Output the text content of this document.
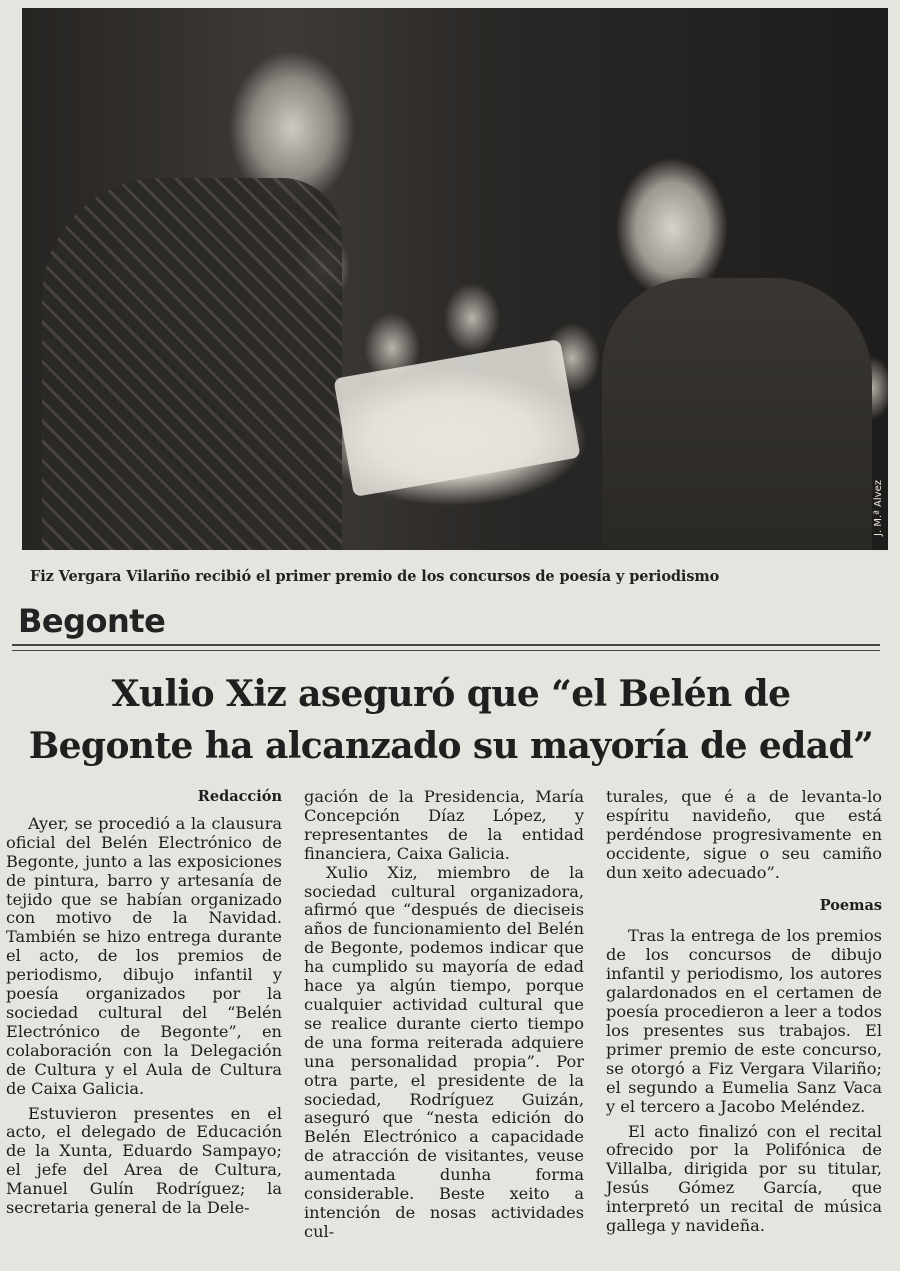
J. M.ª Alvez
Fiz Vergara Vilariño recibió el primer premio de los concursos de poesía y periodismo
Begonte
Xulio Xiz aseguró que “el Belén de
Begonte ha alcanzado su mayoría de edad”

Redacción

Ayer, se procedió a la clausura oficial del Belén Electrónico de Begonte, junto a las exposiciones de pintura, barro y artesanía de tejido que se habían organizado con motivo de la Navidad. También se hizo entrega durante el acto, de los premios de periodismo, dibujo infantil y poesía organizados por la sociedad cultural del “Belén Electrónico de Begonte”, en colaboración con la Delegación de Cultura y el Aula de Cultura de Caixa Galicia.

Estuvieron presentes en el acto, el delegado de Educación de la Xunta, Eduardo Sampayo; el jefe del Area de Cultura, Manuel Gulín Rodríguez; la secretaria general de la Dele-

gación de la Presidencia, María Concepción Díaz López, y representantes de la entidad financiera, Caixa Galicia.

Xulio Xiz, miembro de la sociedad cultural organizadora, afirmó que “después de dieciseis años de funcionamiento del Belén de Begonte, podemos indicar que ha cumplido su mayoría de edad hace ya algún tiempo, porque cualquier actividad cultural que se realice durante cierto tiempo de una forma reiterada adquiere una personalidad propia”. Por otra parte, el presidente de la sociedad, Rodríguez Guizán, aseguró que “nesta edición do Belén Electrónico a capacidade de atracción de visitantes, veuse aumentada dunha forma considerable. Beste xeito a intención de nosas actividades cul-

turales, que é a de levanta-lo espíritu navideño, que está perdéndose progresivamente en occidente, sigue o seu camiño dun xeito adecuado”.

Poemas

Tras la entrega de los premios de los concursos de dibujo infantil y periodismo, los autores galardonados en el certamen de poesía procedieron a leer a todos los presentes sus trabajos. El primer premio de este concurso, se otorgó a Fiz Vergara Vilariño; el segundo a Eumelia Sanz Vaca y el tercero a Jacobo Meléndez.

El acto finalizó con el recital ofrecido por la Polifónica de Villalba, dirigida por su titular, Jesús Gómez García, que interpretó un recital de música gallega y navideña.
